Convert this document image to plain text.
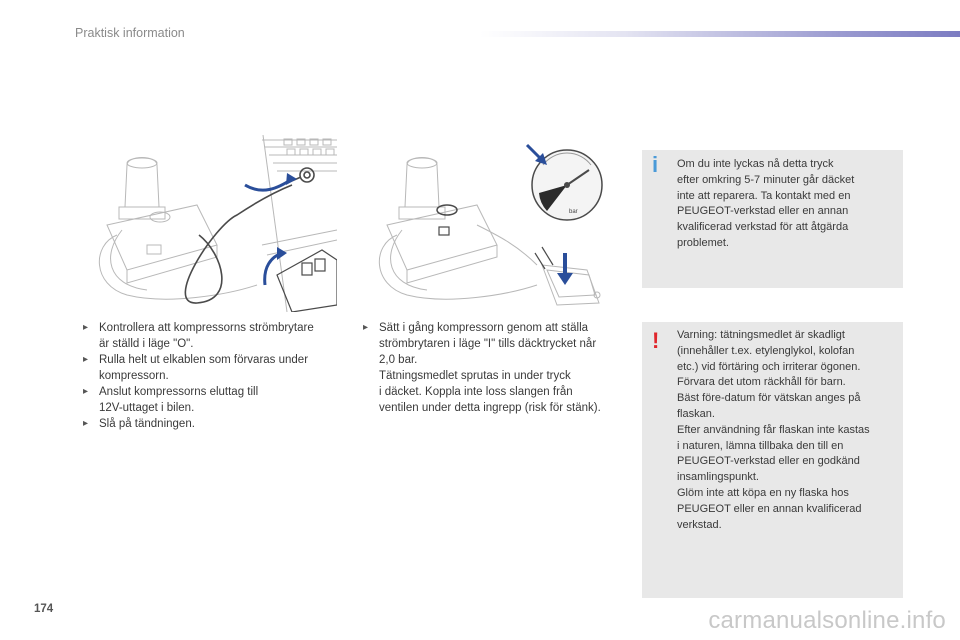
Praktisk information
bar
▸ Kontrollera att kompressorns strömbrytare
är ställd i läge "O".
▸ Rulla helt ut elkablen som förvaras under
kompressorn.
▸ Anslut kompressorns eluttag till
12V-uttaget i bilen.
▸ Slå på tändningen.
▸ Sätt i gång kompressorn genom att ställa
strömbrytaren i läge "I" tills däcktrycket når
2,0 bar.
Tätningsmedlet sprutas in under tryck
i däcket. Koppla inte loss slangen från
ventilen under detta ingrepp (risk för stänk).
i Om du inte lyckas nå detta tryck
efter omkring 5-7 minuter går däcket
inte att reparera. Ta kontakt med en
PEUGEOT-verkstad eller en annan
kvalificerad verkstad för att åtgärda
problemet.
! Varning: tätningsmedlet är skadligt
(innehåller t.ex. etylenglykol, kolofan
etc.) vid förtäring och irriterar ögonen.
Förvara det utom räckhåll för barn.
Bäst före-datum för vätskan anges på
flaskan.
Efter användning får flaskan inte kastas
i naturen, lämna tillbaka den till en
PEUGEOT-verkstad eller en godkänd
insamlingspunkt.
Glöm inte att köpa en ny flaska hos
PEUGEOT eller en annan kvalificerad
verkstad.
174	carmanualsonline.info
